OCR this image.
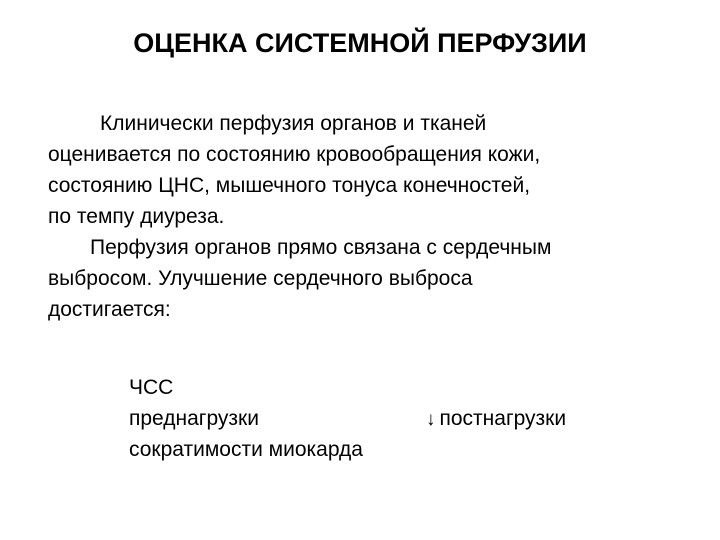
ОЦЕНКА СИСТЕМНОЙ ПЕРФУЗИИ
Клинически перфузия органов и тканей
оценивается по состоянию кровообращения кожи,
состоянию ЦНС, мышечного тонуса конечностей,
по темпу диуреза.
Перфузия органов прямо связана с сердечным
выбросом. Улучшение сердечного выброса
достигается:
ЧСС
преднагрузки	↓ постнагрузки
сократимости миокарда
